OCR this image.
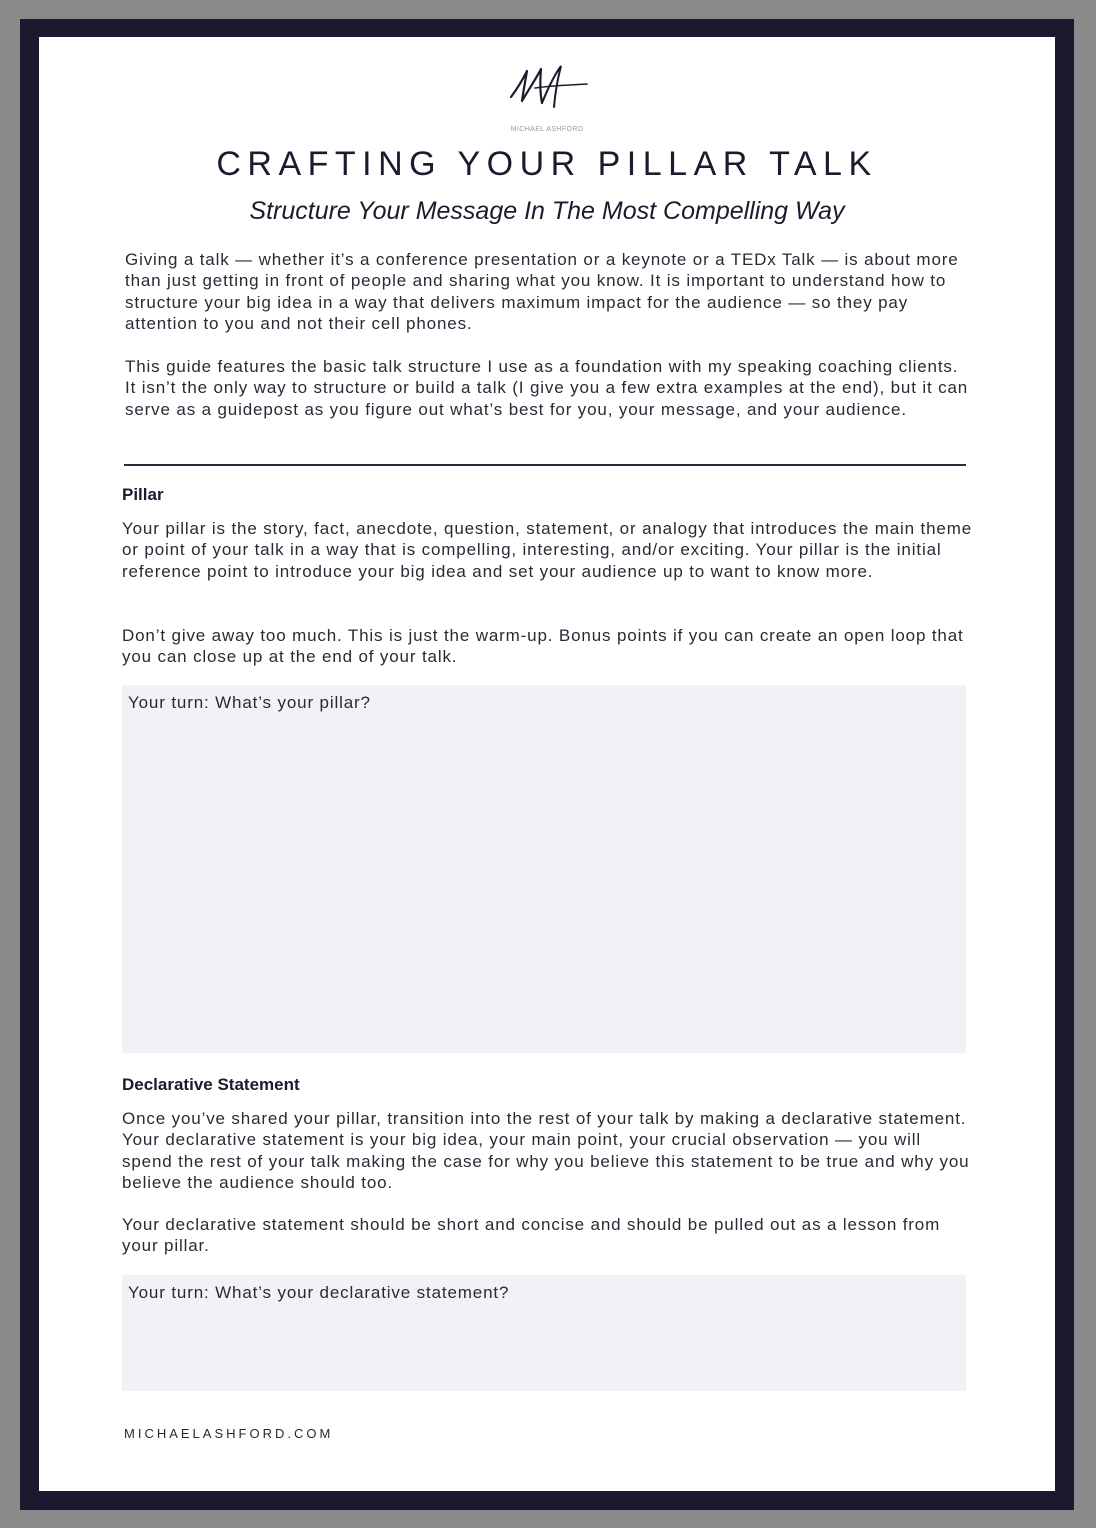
MICHAEL ASHFORD
CRAFTING YOUR PILLAR TALK
Structure Your Message In The Most Compelling Way

Giving a talk — whether it’s a conference presentation or a keynote or a TEDx Talk — is about more than just getting in front of people and sharing what you know. It is important to understand how to structure your big idea in a way that delivers maximum impact for the audience — so they pay attention to you and not their cell phones.

This guide features the basic talk structure I use as a foundation with my speaking coaching clients. It isn’t the only way to structure or build a talk (I give you a few extra examples at the end), but it can serve as a guidepost as you figure out what’s best for you, your message, and your audience.

Pillar

Your pillar is the story, fact, anecdote, question, statement, or analogy that introduces the main theme or point of your talk in a way that is compelling, interesting, and/or exciting. Your pillar is the initial reference point to introduce your big idea and set your audience up to want to know more.

Don’t give away too much. This is just the warm-up. Bonus points if you can create an open loop that you can close up at the end of your talk.

Your turn: What’s your pillar?
Declarative Statement

Once you’ve shared your pillar, transition into the rest of your talk by making a declarative statement. Your declarative statement is your big idea, your main point, your crucial observation — you will spend the rest of your talk making the case for why you believe this statement to be true and why you believe the audience should too.

Your declarative statement should be short and concise and should be pulled out as a lesson from your pillar.

Your turn: What’s your declarative statement?
MICHAELASHFORD.COM
